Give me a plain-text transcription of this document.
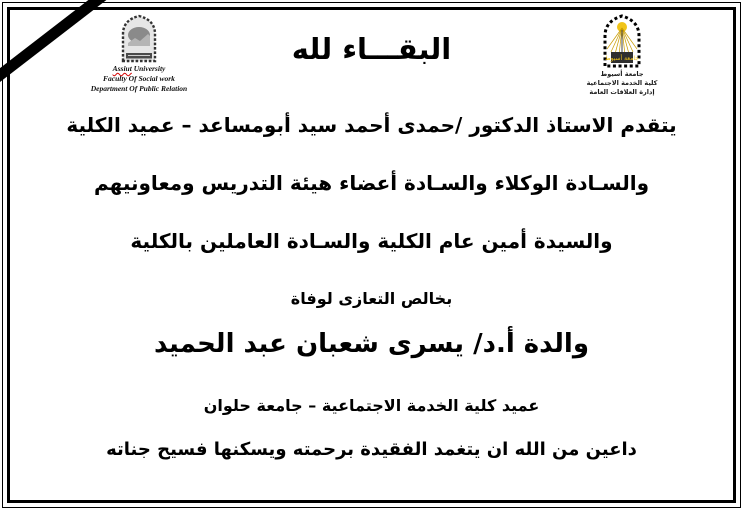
Assiut University
Faculty Of Social work
Department Of Public Relation
جامعة أسيوط
جامعة أسيوط
كلية الخدمة الاجتماعية
إدارة العلاقات العامة
البقـــاء لله
يتقدم الاستاذ الدكتور /حمدى أحمد سيد أبومساعد – عميد الكلية
والسـادة الوكلاء والسـادة أعضاء هيئة التدريس ومعاونيهم
والسيدة أمين عام الكلية والسـادة العاملين بالكلية
بخالص التعازى لوفاة
والدة أ.د/ يسرى شعبان عبد الحميد
عميد كلية الخدمة الاجتماعية – جامعة حلوان
داعين من الله ان يتغمد الفقيدة برحمته ويسكنها فسيح جناته
